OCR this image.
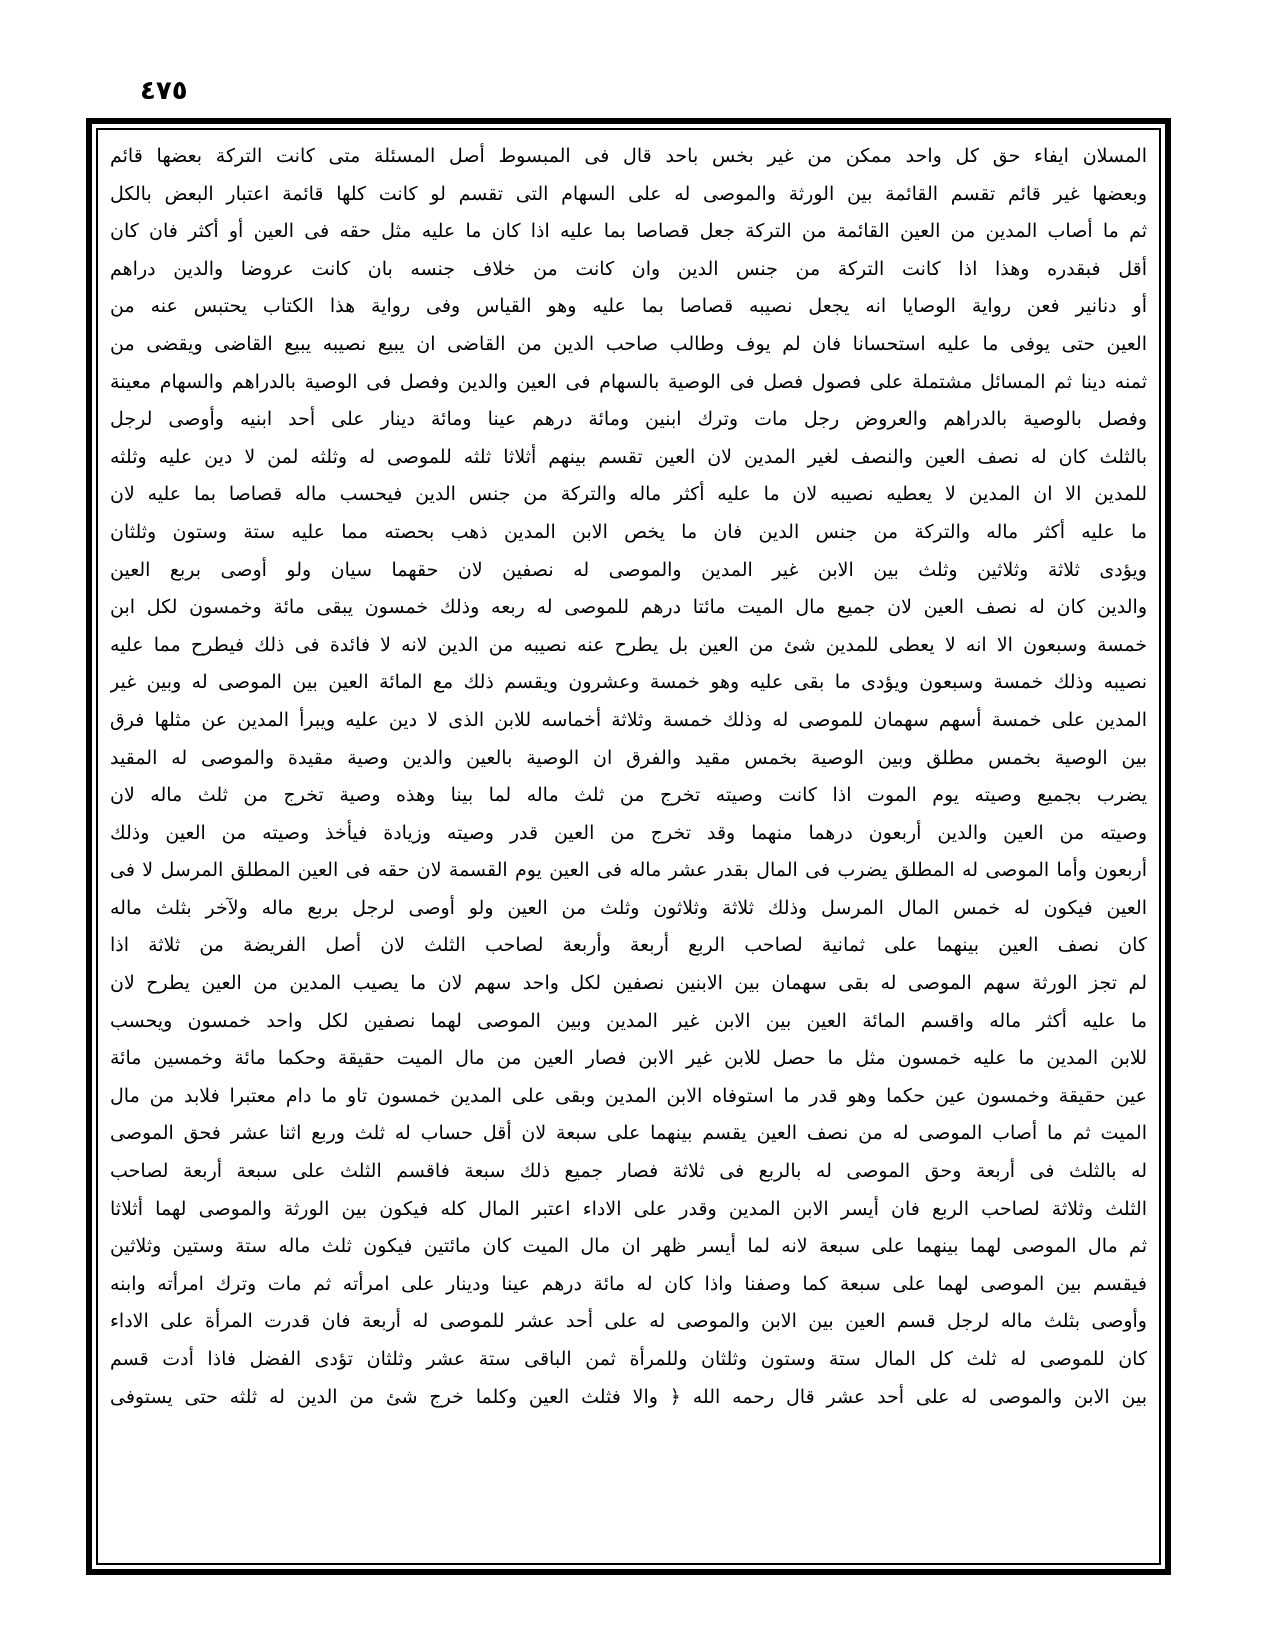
٤٧٥
المسلان ايفاء حق كل واحد ممكن من غير بخس باحد قال فى المبسوط أصل المسئلة متى كانت التركة بعضها قائم
وبعضها غير قائم تقسم القائمة بين الورثة والموصى له على السهام التى تقسم لو كانت كلها قائمة اعتبار البعض بالكل
ثم ما أصاب المدين من العين القائمة من التركة جعل قصاصا بما عليه اذا كان ما عليه مثل حقه فى العين أو أكثر فان كان
أقل فبقدره وهذا اذا كانت التركة من جنس الدين وان كانت من خلاف جنسه بان كانت عروضا والدين دراهم
أو دنانير فعن رواية الوصايا انه يجعل نصيبه قصاصا بما عليه وهو القياس وفى رواية هذا الكتاب يحتبس عنه من
العين حتى يوفى ما عليه استحسانا فان لم يوف وطالب صاحب الدين من القاضى ان يبيع نصيبه يبيع القاضى ويقضى من
ثمنه دينا ثم المسائل مشتملة على فصول فصل فى الوصية بالسهام فى العين والدين وفصل فى الوصية بالدراهم والسهام معينة
وفصل بالوصية بالدراهم والعروض رجل مات وترك ابنين ومائة درهم عينا ومائة دينار على أحد ابنيه وأوصى لرجل
بالثلث كان له نصف العين والنصف لغير المدين لان العين تقسم بينهم أثلاثا ثلثه للموصى له وثلثه لمن لا دين عليه وثلثه
للمدين الا ان المدين لا يعطيه نصيبه لان ما عليه أكثر ماله والتركة من جنس الدين فيحسب ماله قصاصا بما عليه لان
ما عليه أكثر ماله والتركة من جنس الدين فان ما يخص الابن المدين ذهب بحصته مما عليه ستة وستون وثلثان
ويؤدى ثلاثة وثلاثين وثلث بين الابن غير المدين والموصى له نصفين لان حقهما سيان ولو أوصى بربع العين
والدين كان له نصف العين لان جميع مال الميت مائتا درهم للموصى له ربعه وذلك خمسون يبقى مائة وخمسون لكل ابن
خمسة وسبعون الا انه لا يعطى للمدين شئ من العين بل يطرح عنه نصيبه من الدين لانه لا فائدة فى ذلك فيطرح مما عليه
نصيبه وذلك خمسة وسبعون ويؤدى ما بقى عليه وهو خمسة وعشرون ويقسم ذلك مع المائة العين بين الموصى له وبين غير
المدين على خمسة أسهم سهمان للموصى له وذلك خمسة وثلاثة أخماسه للابن الذى لا دين عليه ويبرأ المدين عن مثلها فرق
بين الوصية بخمس مطلق وبين الوصية بخمس مقيد والفرق ان الوصية بالعين والدين وصية مقيدة والموصى له المقيد
يضرب بجميع وصيته يوم الموت اذا كانت وصيته تخرج من ثلث ماله لما بينا وهذه وصية تخرج من ثلث ماله لان
وصيته من العين والدين أربعون درهما منهما وقد تخرج من العين قدر وصيته وزيادة فيأخذ وصيته من العين وذلك
أربعون وأما الموصى له المطلق يضرب فى المال بقدر عشر ماله فى العين يوم القسمة لان حقه فى العين المطلق المرسل لا فى
العين فيكون له خمس المال المرسل وذلك ثلاثة وثلاثون وثلث من العين ولو أوصى لرجل بربع ماله ولآخر بثلث ماله
كان نصف العين بينهما على ثمانية لصاحب الربع أربعة وأربعة لصاحب الثلث لان أصل الفريضة من ثلاثة اذا
لم تجز الورثة سهم الموصى له بقى سهمان بين الابنين نصفين لكل واحد سهم لان ما يصيب المدين من العين يطرح لان
ما عليه أكثر ماله واقسم المائة العين بين الابن غير المدين وبين الموصى لهما نصفين لكل واحد خمسون ويحسب
للابن المدين ما عليه خمسون مثل ما حصل للابن غير الابن فصار العين من مال الميت حقيقة وحكما مائة وخمسين مائة
عين حقيقة وخمسون عين حكما وهو قدر ما استوفاه الابن المدين وبقى على المدين خمسون تاو ما دام معتبرا فلابد من مال
الميت ثم ما أصاب الموصى له من نصف العين يقسم بينهما على سبعة لان أقل حساب له ثلث وربع اثنا عشر فحق الموصى
له بالثلث فى أربعة وحق الموصى له بالربع فى ثلاثة فصار جميع ذلك سبعة فاقسم الثلث على سبعة أربعة لصاحب
الثلث وثلاثة لصاحب الربع فان أيسر الابن المدين وقدر على الاداء اعتبر المال كله فيكون بين الورثة والموصى لهما أثلاثا
ثم مال الموصى لهما بينهما على سبعة لانه لما أيسر ظهر ان مال الميت كان مائتين فيكون ثلث ماله ستة وستين وثلاثين
فيقسم بين الموصى لهما على سبعة كما وصفنا واذا كان له مائة درهم عينا ودينار على امرأته ثم مات وترك امرأته وابنه
وأوصى بثلث ماله لرجل قسم العين بين الابن والموصى له على أحد عشر للموصى له أربعة فان قدرت المرأة على الاداء
كان للموصى له ثلث كل المال ستة وستون وثلثان وللمرأة ثمن الباقى ستة عشر وثلثان تؤدى الفضل فاذا أدت قسم
بين الابن والموصى له على أحد عشر قال رحمه الله ﴿ والا فثلث العين وكلما خرج شئ من الدين له ثلثه حتى يستوفى
